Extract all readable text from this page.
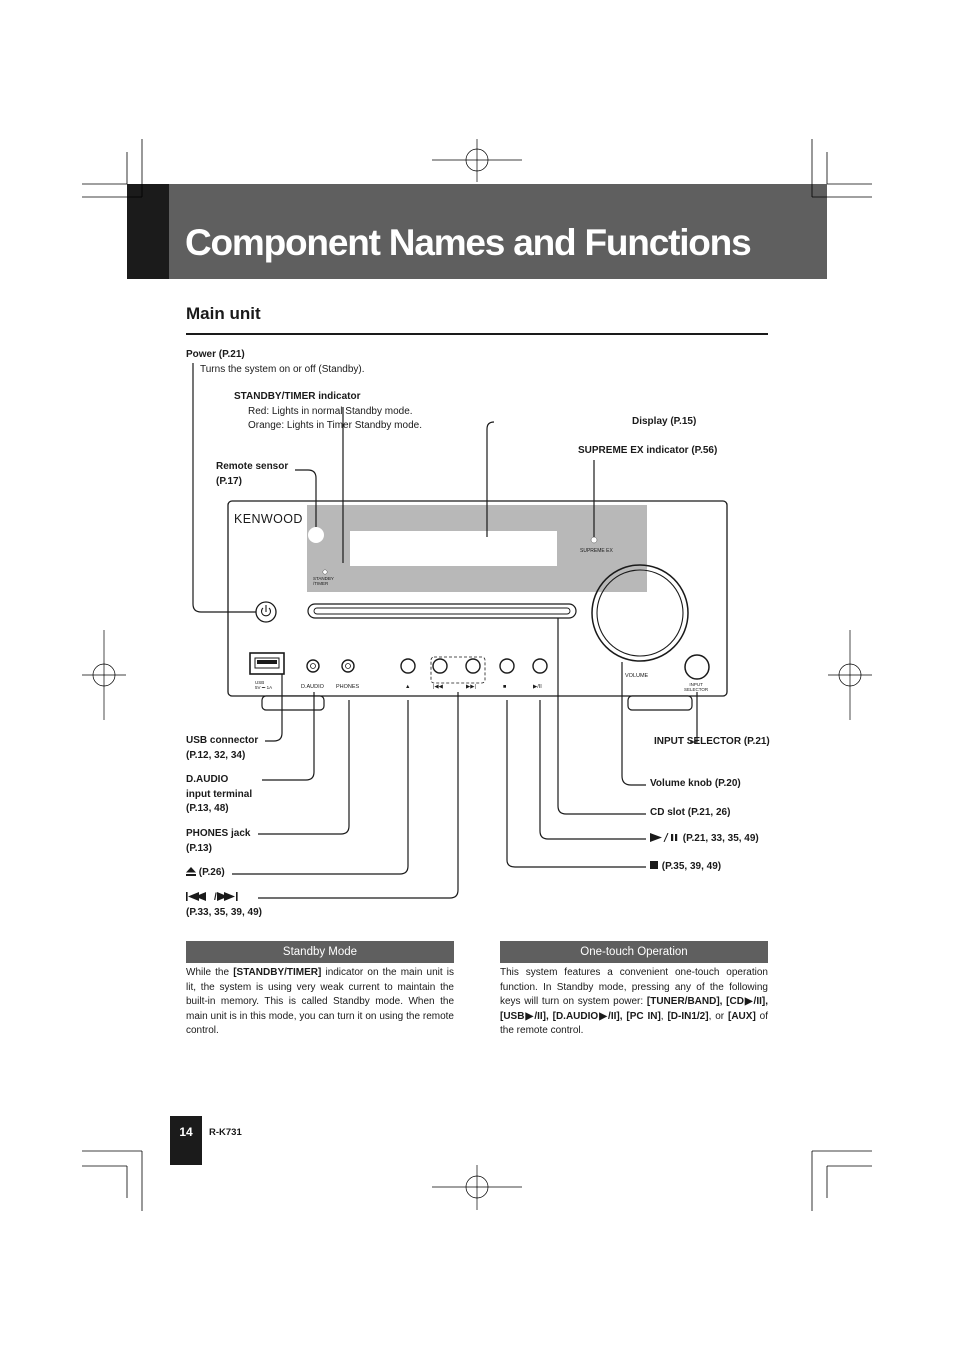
Component Names and Functions
Main unit
KENWOOD
STANDBY
/TIMER
SUPREME EX
VOLUME
INPUT
SELECTOR
USB
5V ⎓ 1A	D.AUDIO PHONES	▲	|◀◀	▶▶|	■	▶/II
Power (P.21)
Turns the system on or off (Standby).
STANDBY/TIMER indicator
Red: Lights in normal Standby mode.
Orange: Lights in Timer Standby mode.
Remote sensor
(P.17)
Display (P.15)
SUPREME EX indicator (P.56)
USB connector
(P.12, 32, 34)
D.AUDIO
input terminal
(P.13, 48)
PHONES jack
(P.13)
(P.26)
/
(P.33, 35, 39, 49)
INPUT SELECTOR (P.21)
Volume knob (P.20)
CD slot (P.21, 26)
(P.21, 33, 35, 49)
(P.35, 39, 49)
Standby Mode
While the [STANDBY/TIMER] indicator on the main unit is lit, the system is using very weak current to maintain the built-in memory. This is called Standby mode. When the main unit is in this mode, you can turn it on using the remote control.
One-touch Operation
This system features a convenient one-touch operation function. In Standby mode, pressing any of the following keys will turn on system power: [TUNER/BAND], [CD▶/II], [USB▶/II], [D.AUDIO▶/II], [PC IN], [D-IN1/2], or [AUX] of the remote control.
14	R-K731
